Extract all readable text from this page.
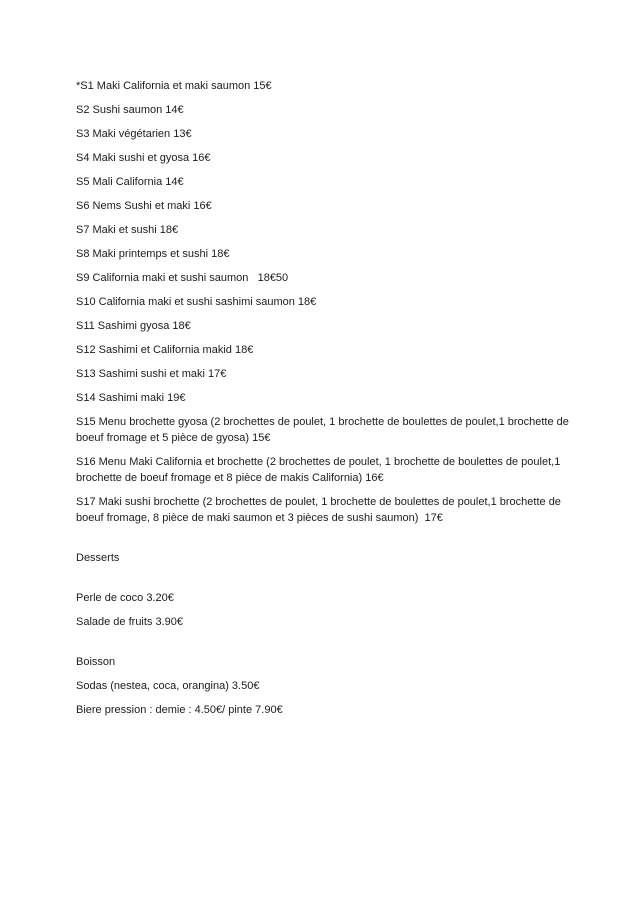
*S1 Maki California et maki saumon 15€

S2 Sushi saumon 14€

S3 Maki végétarien 13€

S4 Maki sushi et gyosa 16€

S5 Mali California 14€

S6 Nems Sushi et maki 16€

S7 Maki et sushi 18€

S8 Maki printemps et sushi 18€

S9 California maki et sushi saumon   18€50

S10 California maki et sushi sashimi saumon 18€

S11 Sashimi gyosa 18€

S12 Sashimi et California makid 18€

S13 Sashimi sushi et maki 17€

S14 Sashimi maki 19€

S15 Menu brochette gyosa (2 brochettes de poulet, 1 brochette de boulettes de poulet,1 brochette de boeuf fromage et 5 pièce de gyosa) 15€

S16 Menu Maki California et brochette (2 brochettes de poulet, 1 brochette de boulettes de poulet,1 brochette de boeuf fromage et 8 pièce de makis California) 16€

S17 Maki sushi brochette (2 brochettes de poulet, 1 brochette de boulettes de poulet,1 brochette de boeuf fromage, 8 pièce de maki saumon et 3 pièces de sushi saumon)  17€

Desserts

Perle de coco 3.20€

Salade de fruits 3.90€

Boisson

Sodas (nestea, coca, orangina) 3.50€

Biere pression : demie : 4.50€/ pinte 7.90€
